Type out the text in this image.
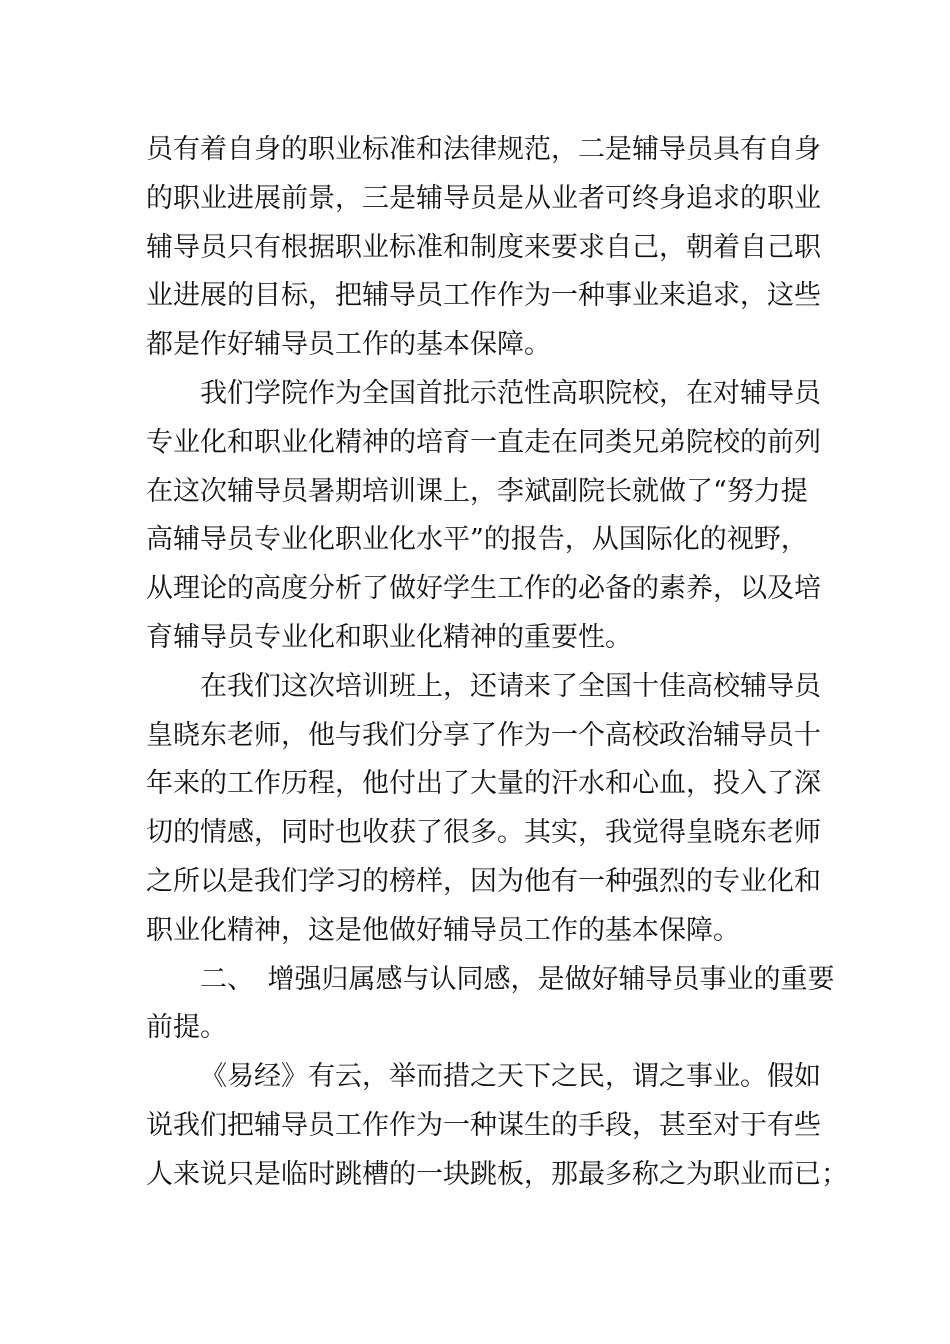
员有着自身的职业标准和法律规范，二是辅导员具有自身
的职业进展前景，三是辅导员是从业者可终身追求的职业
辅导员只有根据职业标准和制度来要求自己，朝着自己职
业进展的目标，把辅导员工作作为一种事业来追求，这些
都是作好辅导员工作的基本保障。
我们学院作为全国首批示范性高职院校，在对辅导员
专业化和职业化精神的培育一直走在同类兄弟院校的前列
在这次辅导员暑期培训课上，李斌副院长就做了“努力提
高辅导员专业化职业化水平”的报告，从国际化的视野，
从理论的高度分析了做好学生工作的必备的素养，以及培
育辅导员专业化和职业化精神的重要性。
在我们这次培训班上，还请来了全国十佳高校辅导员
皇晓东老师，他与我们分享了作为一个高校政治辅导员十
年来的工作历程，他付出了大量的汗水和心血，投入了深
切的情感，同时也收获了很多。其实，我觉得皇晓东老师
之所以是我们学习的榜样，因为他有一种强烈的专业化和
职业化精神，这是他做好辅导员工作的基本保障。
二、　增强归属感与认同感，是做好辅导员事业的重要
前提。
《易经》有云，举而措之天下之民，谓之事业。假如
说我们把辅导员工作作为一种谋生的手段，甚至对于有些
人来说只是临时跳槽的一块跳板，那最多称之为职业而已；
